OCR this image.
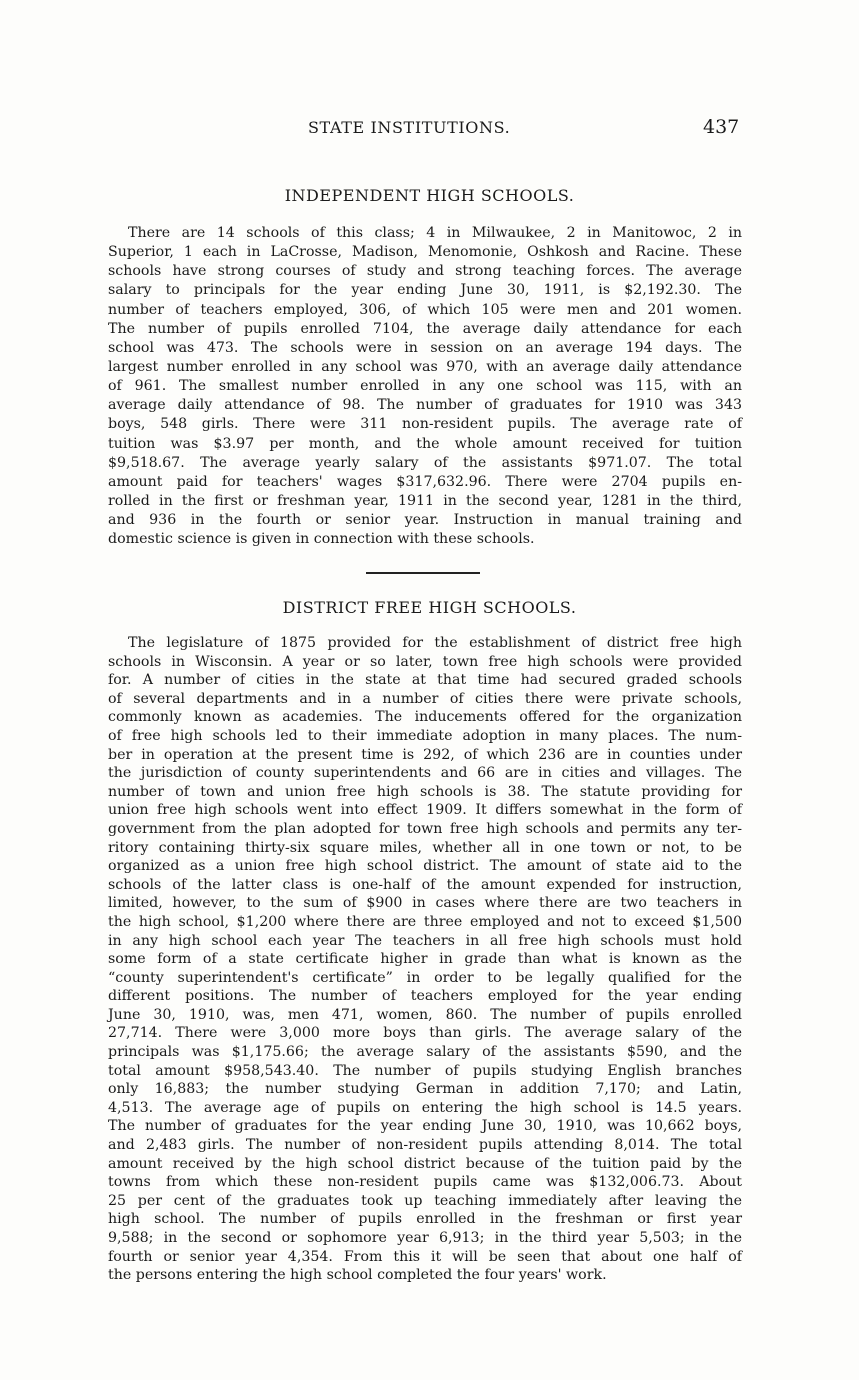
STATE INSTITUTIONS.	437
INDEPENDENT HIGH SCHOOLS.

There are 14 schools of this class; 4 in Milwaukee, 2 in Manitowoc, 2 in
Superior, 1 each in LaCrosse, Madison, Menomonie, Oshkosh and Racine. These
schools have strong courses of study and strong teaching forces. The average
salary to principals for the year ending June 30, 1911, is $2,192.30. The
number of teachers employed, 306, of which 105 were men and 201 women.
The number of pupils enrolled 7104, the average daily attendance for each
school was 473. The schools were in session on an average 194 days. The
largest number enrolled in any school was 970, with an average daily attendance
of 961. The smallest number enrolled in any one school was 115, with an
average daily attendance of 98. The number of graduates for 1910 was 343
boys, 548 girls. There were 311 non-resident pupils. The average rate of
tuition was $3.97 per month, and the whole amount received for tuition
$9,518.67. The average yearly salary of the assistants $971.07. The total
amount paid for teachers' wages $317,632.96. There were 2704 pupils en-
rolled in the first or freshman year, 1911 in the second year, 1281 in the third,
and 936 in the fourth or senior year. Instruction in manual training and
domestic science is given in connection with these schools.

DISTRICT FREE HIGH SCHOOLS.

The legislature of 1875 provided for the establishment of district free high
schools in Wisconsin. A year or so later, town free high schools were provided
for. A number of cities in the state at that time had secured graded schools
of several departments and in a number of cities there were private schools,
commonly known as academies. The inducements offered for the organization
of free high schools led to their immediate adoption in many places. The num-
ber in operation at the present time is 292, of which 236 are in counties under
the jurisdiction of county superintendents and 66 are in cities and villages. The
number of town and union free high schools is 38. The statute providing for
union free high schools went into effect 1909. It differs somewhat in the form of
government from the plan adopted for town free high schools and permits any ter-
ritory containing thirty-six square miles, whether all in one town or not, to be
organized as a union free high school district. The amount of state aid to the
schools of the latter class is one-half of the amount expended for instruction,
limited, however, to the sum of $900 in cases where there are two teachers in
the high school, $1,200 where there are three employed and not to exceed $1,500
in any high school each year The teachers in all free high schools must hold
some form of a state certificate higher in grade than what is known as the
“county superintendent's certificate” in order to be legally qualified for the
different positions. The number of teachers employed for the year ending
June 30, 1910, was, men 471, women, 860. The number of pupils enrolled
27,714. There were 3,000 more boys than girls. The average salary of the
principals was $1,175.66; the average salary of the assistants $590, and the
total amount $958,543.40. The number of pupils studying English branches
only 16,883; the number studying German in addition 7,170; and Latin,
4,513. The average age of pupils on entering the high school is 14.5 years.
The number of graduates for the year ending June 30, 1910, was 10,662 boys,
and 2,483 girls. The number of non-resident pupils attending 8,014. The total
amount received by the high school district because of the tuition paid by the
towns from which these non-resident pupils came was $132,006.73. About
25 per cent of the graduates took up teaching immediately after leaving the
high school. The number of pupils enrolled in the freshman or first year
9,588; in the second or sophomore year 6,913; in the third year 5,503; in the
fourth or senior year 4,354. From this it will be seen that about one half of
the persons entering the high school completed the four years' work.
